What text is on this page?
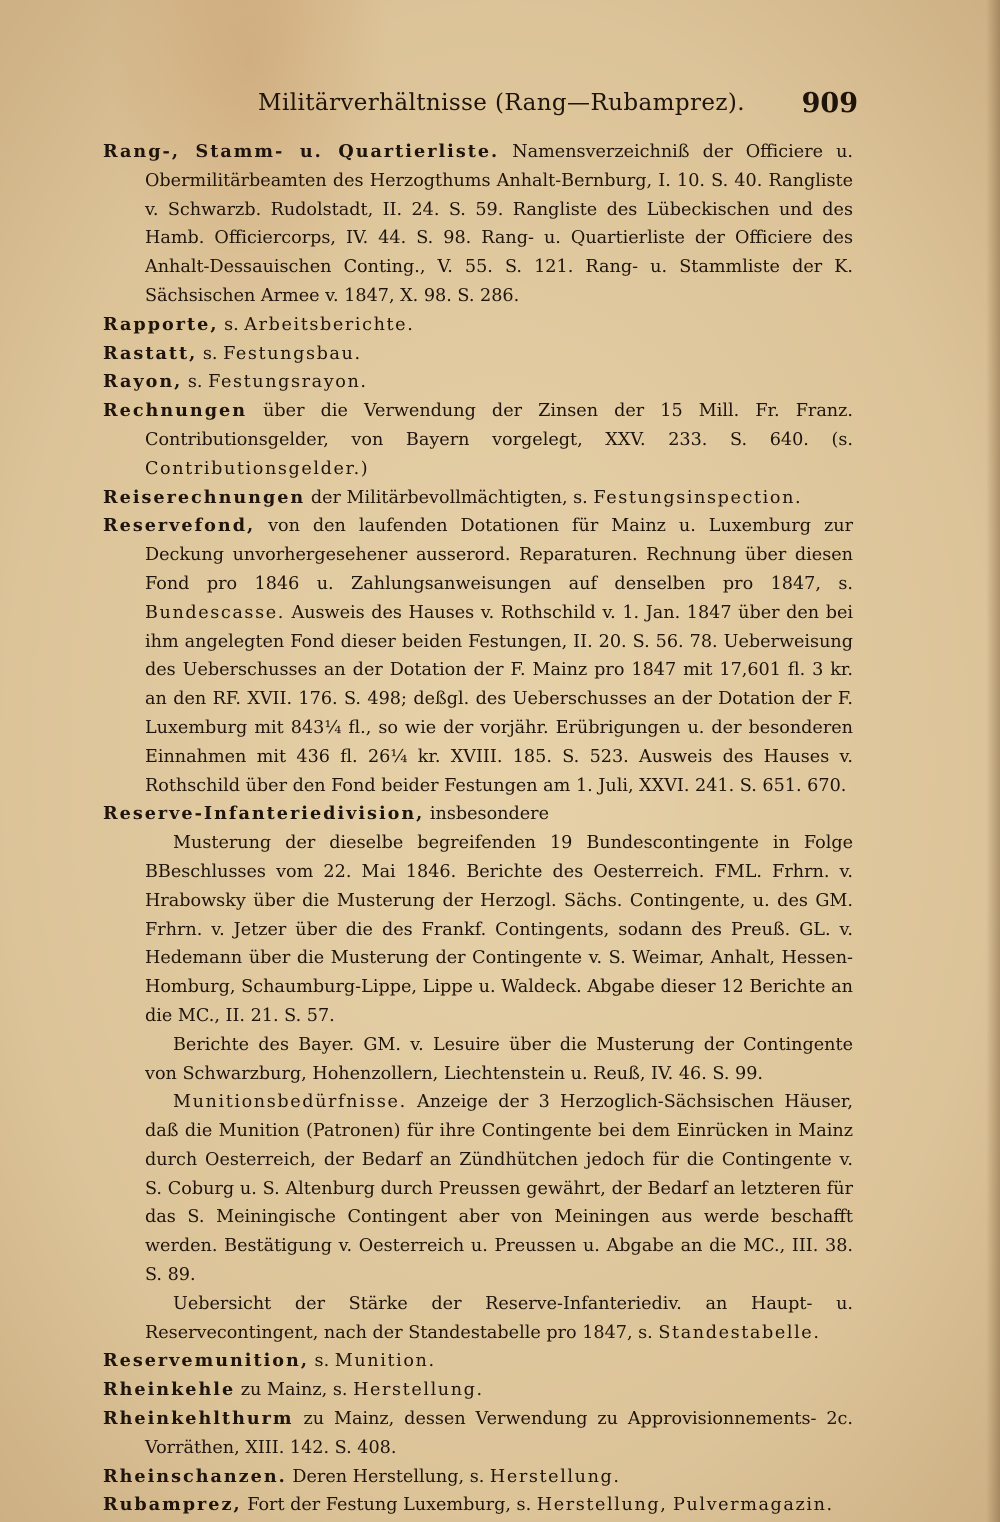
Militärverhältnisse (Rang—Rubamprez). 909

Rang-, Stamm- u. Quartierliste. Namensverzeichniß der Officiere u. Obermilitärbeamten des Herzogthums Anhalt-Bernburg, I. 10. S. 40. Rangliste v. Schwarzb. Rudolstadt, II. 24. S. 59. Rangliste des Lübeckischen und des Hamb. Officiercorps, IV. 44. S. 98. Rang- u. Quartierliste der Officiere des Anhalt-Dessauischen Conting., V. 55. S. 121. Rang- u. Stammliste der K. Sächsischen Armee v. 1847, X. 98. S. 286.

Rapporte, s. Arbeitsberichte.

Rastatt, s. Festungsbau.

Rayon, s. Festungsrayon.

Rechnungen über die Verwendung der Zinsen der 15 Mill. Fr. Franz. Contributionsgelder, von Bayern vorgelegt, XXV. 233. S. 640. (s. Contributionsgelder.)

Reiserechnungen der Militärbevollmächtigten, s. Festungsinspection.

Reservefond, von den laufenden Dotationen für Mainz u. Luxemburg zur Deckung unvorhergesehener ausserord. Reparaturen. Rechnung über diesen Fond pro 1846 u. Zahlungsanweisungen auf denselben pro 1847, s. Bundescasse. Ausweis des Hauses v. Rothschild v. 1. Jan. 1847 über den bei ihm angelegten Fond dieser beiden Festungen, II. 20. S. 56. 78. Ueberweisung des Ueberschusses an der Dotation der F. Mainz pro 1847 mit 17,601 fl. 3 kr. an den RF. XVII. 176. S. 498; deßgl. des Ueberschusses an der Dotation der F. Luxemburg mit 843¼ fl., so wie der vorjähr. Erübrigungen u. der besonderen Einnahmen mit 436 fl. 26¼ kr. XVIII. 185. S. 523. Ausweis des Hauses v. Rothschild über den Fond beider Festungen am 1. Juli, XXVI. 241. S. 651. 670.

Reserve-Infanteriedivision, insbesondere

Musterung der dieselbe begreifenden 19 Bundescontingente in Folge BBeschlusses vom 22. Mai 1846. Berichte des Oesterreich. FML. Frhrn. v. Hrabowsky über die Musterung der Herzogl. Sächs. Contingente, u. des GM. Frhrn. v. Jetzer über die des Frankf. Contingents, sodann des Preuß. GL. v. Hedemann über die Musterung der Contingente v. S. Weimar, Anhalt, Hessen-Homburg, Schaumburg-Lippe, Lippe u. Waldeck. Abgabe dieser 12 Berichte an die MC., II. 21. S. 57.

Berichte des Bayer. GM. v. Lesuire über die Musterung der Contingente von Schwarzburg, Hohenzollern, Liechtenstein u. Reuß, IV. 46. S. 99.

Munitionsbedürfnisse. Anzeige der 3 Herzoglich-Sächsischen Häuser, daß die Munition (Patronen) für ihre Contingente bei dem Einrücken in Mainz durch Oesterreich, der Bedarf an Zündhütchen jedoch für die Contingente v. S. Coburg u. S. Altenburg durch Preussen gewährt, der Bedarf an letzteren für das S. Meiningische Contingent aber von Meiningen aus werde beschafft werden. Bestätigung v. Oesterreich u. Preussen u. Abgabe an die MC., III. 38. S. 89.

Uebersicht der Stärke der Reserve-Infanteriediv. an Haupt- u. Reservecontingent, nach der Standestabelle pro 1847, s. Standestabelle.

Reservemunition, s. Munition.

Rheinkehle zu Mainz, s. Herstellung.

Rheinkehlthurm zu Mainz, dessen Verwendung zu Approvisionnements- 2c. Vorräthen, XIII. 142. S. 408.

Rheinschanzen. Deren Herstellung, s. Herstellung.

Rubamprez, Fort der Festung Luxemburg, s. Herstellung, Pulvermagazin.
